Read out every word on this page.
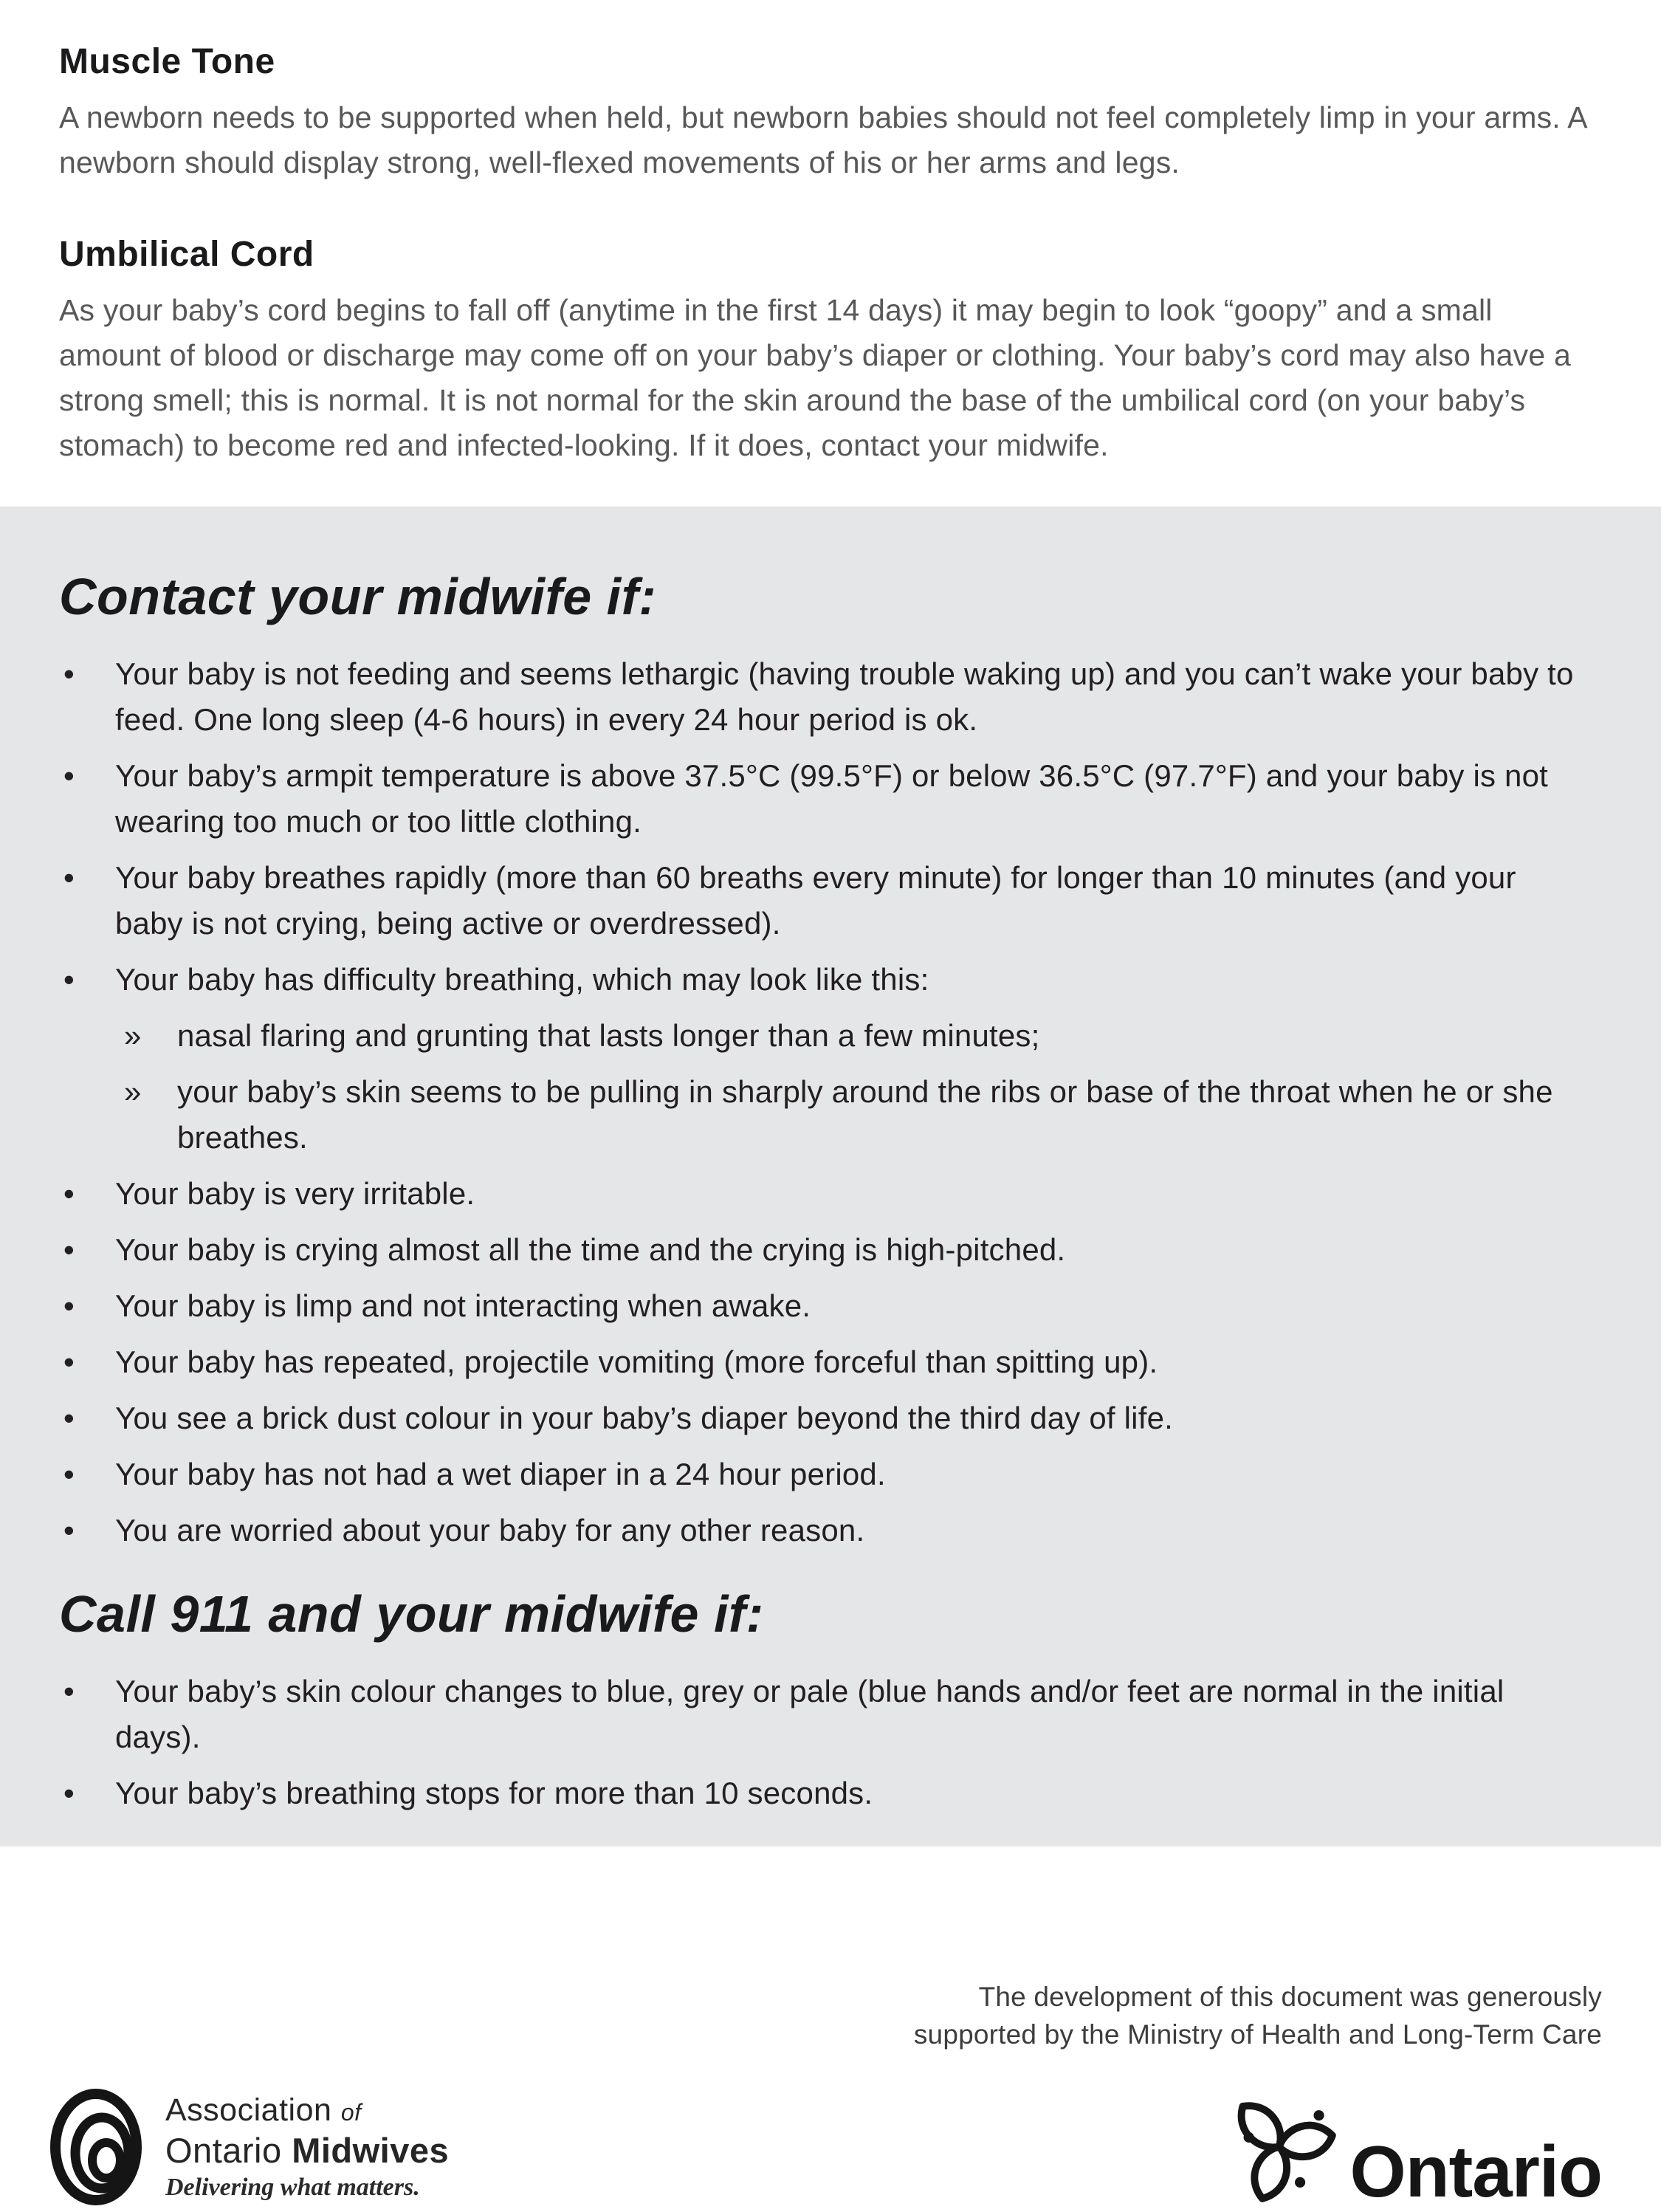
Muscle Tone

A newborn needs to be supported when held, but newborn babies should not feel completely limp in your arms. A newborn should display strong, well-flexed movements of his or her arms and legs.

Umbilical Cord

As your baby’s cord begins to fall off (anytime in the first 14 days) it may begin to look “goopy” and a small amount of blood or discharge may come off on your baby’s diaper or clothing. Your baby’s cord may also have a strong smell; this is normal. It is not normal for the skin around the base of the umbilical cord (on your baby’s stomach) to become red and infected-looking. If it does, contact your midwife.

Contact your midwife if:
•	Your baby is not feeding and seems lethargic (having trouble waking up) and you can’t wake your baby to feed. One long sleep (4-6 hours) in every 24 hour period is ok.
•	Your baby’s armpit temperature is above 37.5°C (99.5°F) or below 36.5°C (97.7°F) and your baby is not wearing too much or too little clothing.
•	Your baby breathes rapidly (more than 60 breaths every minute) for longer than 10 minutes (and your baby is not crying, being active or overdressed).
•	Your baby has difficulty breathing, which may look like this:
»	nasal flaring and grunting that lasts longer than a few minutes;
»	your baby’s skin seems to be pulling in sharply around the ribs or base of the throat when he or she breathes.
•	Your baby is very irritable.
•	Your baby is crying almost all the time and the crying is high-pitched.
•	Your baby is limp and not interacting when awake.
•	Your baby has repeated, projectile vomiting (more forceful than spitting up).
•	You see a brick dust colour in your baby’s diaper beyond the third day of life.
•	Your baby has not had a wet diaper in a 24 hour period.
•	You are worried about your baby for any other reason.
Call 911 and your midwife if:
•	Your baby’s skin colour changes to blue, grey or pale (blue hands and/or feet are normal in the initial days).
•	Your baby’s breathing stops for more than 10 seconds.
The development of this document was generously
supported by the Ministry of Health and Long-Term Care
Association of
Ontario Midwives
Delivering what matters.	Ontario
